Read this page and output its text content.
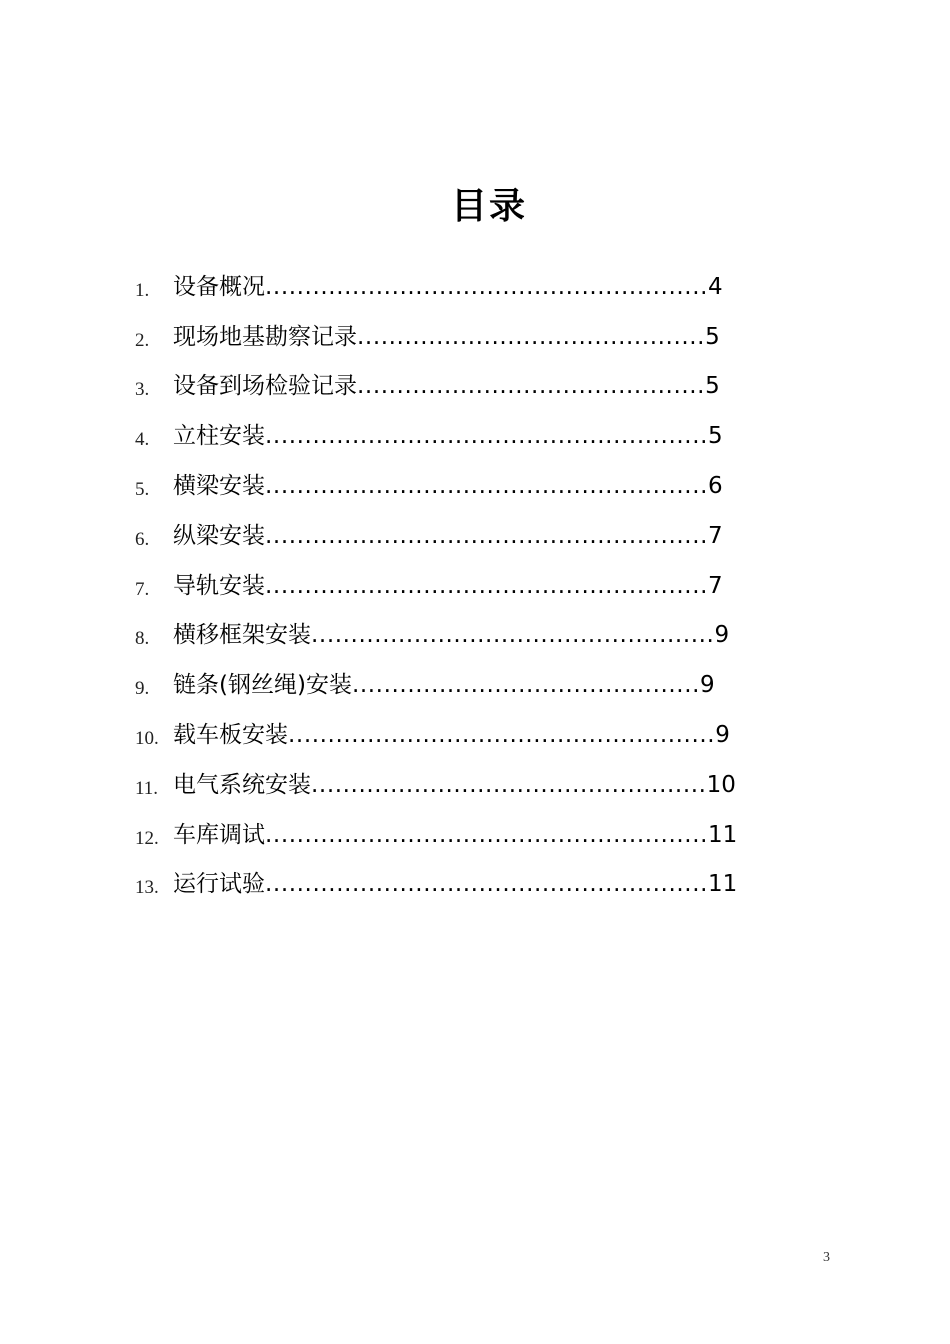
目录
1.	设备概况........................................................4
2.	现场地基勘察记录............................................5
3.	设备到场检验记录............................................5
4.	立柱安装........................................................5
5.	横梁安装........................................................6
6.	纵梁安装........................................................7
7.	导轨安装........................................................7
8.	横移框架安装...................................................9
9.	链条(钢丝绳)安装............................................9
10. 载车板安装......................................................9
11. 电气系统安装..................................................10
12. 车库调试........................................................11
13. 运行试验........................................................11
3
